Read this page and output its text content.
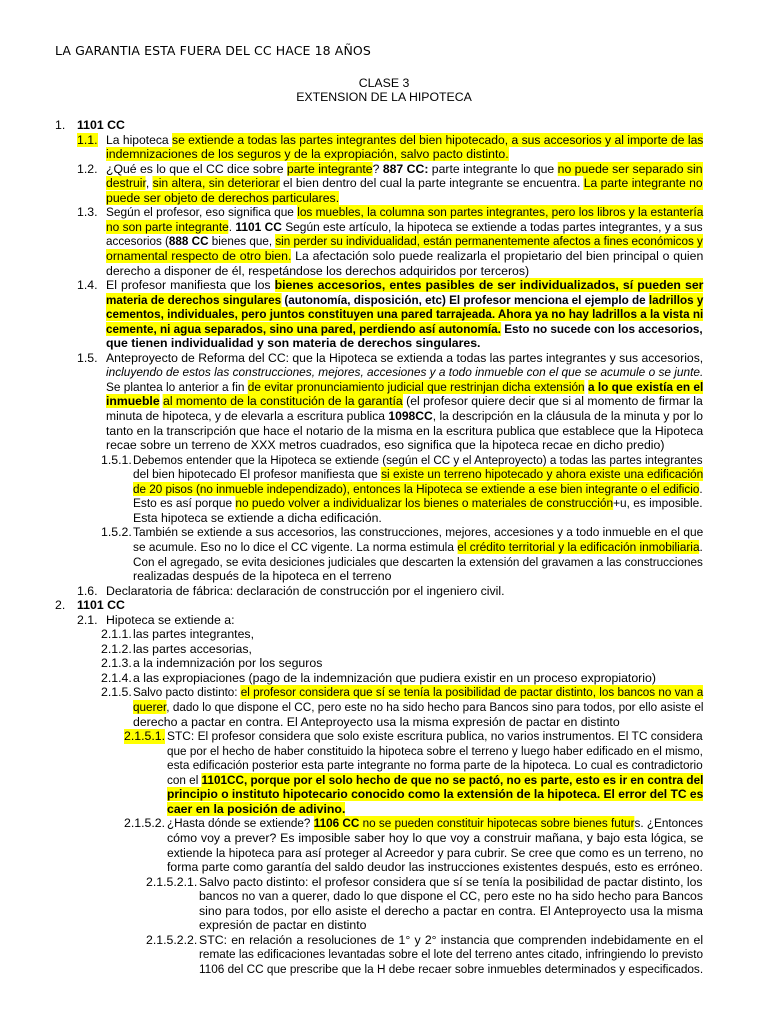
LA GARANTIA ESTA FUERA DEL CC HACE 18 AÑOS
CLASE 3
EXTENSION DE LA HIPOTECA
1. 1101 CC
1.1. La hipoteca se extiende a todas las partes integrantes del bien hipotecado, a sus accesorios y al importe de las
indemnizaciones de los seguros y de la expropiación, salvo pacto distinto.
1.2. ¿Qué es lo que el CC dice sobre parte integrante? 887 CC: parte integrante lo que no puede ser separado sin
destruir, sin altera, sin deteriorar el bien dentro del cual la parte integrante se encuentra. La parte integrante no
puede ser objeto de derechos particulares.
1.3. Según el profesor, eso significa que los muebles, la columna son partes integrantes, pero los libros y la estantería
no son parte integrante. 1101 CC Según este artículo, la hipoteca se extiende a todas partes integrantes, y a sus
accesorios (888 CC bienes que, sin perder su individualidad, están permanentemente afectos a fines económicos y
ornamental respecto de otro bien. La afectación solo puede realizarla el propietario del bien principal o quien
derecho a disponer de él, respetándose los derechos adquiridos por terceros)
1.4. El profesor manifiesta que los bienes accesorios, entes pasibles de ser individualizados, sí pueden ser
materia de derechos singulares (autonomía, disposición, etc) El profesor menciona el ejemplo de ladrillos y
cementos, individuales, pero juntos constituyen una pared tarrajeada. Ahora ya no hay ladrillos a la vista ni
cemente, ni agua separados, sino una pared, perdiendo así autonomía. Esto no sucede con los accesorios,
que tienen individualidad y son materia de derechos singulares.
1.5. Anteproyecto de Reforma del CC: que la Hipoteca se extienda a todas las partes integrantes y sus accesorios,
incluyendo de estos las construcciones, mejores, accesiones y a todo inmueble con el que se acumule o se junte.
Se plantea lo anterior a fin de evitar pronunciamiento judicial que restrinjan dicha extensión a lo que existía en el
inmueble al momento de la constitución de la garantía (el profesor quiere decir que si al momento de firmar la
minuta de hipoteca, y de elevarla a escritura publica 1098CC, la descripción en la cláusula de la minuta y por lo
tanto en la transcripción que hace el notario de la misma en la escritura publica que establece que la Hipoteca
recae sobre un terreno de XXX metros cuadrados, eso significa que la hipoteca recae en dicho predio)
1.5.1. Debemos entender que la Hipoteca se extiende (según el CC y el Anteproyecto) a todas las partes integrantes
del bien hipotecado El profesor manifiesta que si existe un terreno hipotecado y ahora existe una edificación
de 20 pisos (no inmueble independizado), entonces la Hipoteca se extiende a ese bien integrante o el edificio.
Esto es así porque no puedo volver a individualizar los bienes o materiales de construcción+u, es imposible.
Esta hipoteca se extiende a dicha edificación.
1.5.2. También se extiende a sus accesorios, las construcciones, mejores, accesiones y a todo inmueble en el que
se acumule. Eso no lo dice el CC vigente. La norma estimula el crédito territorial y la edificación inmobiliaria.
Con el agregado, se evita desiciones judiciales que descarten la extensión del gravamen a las construcciones
realizadas después de la hipoteca en el terreno
1.6. Declaratoria de fábrica: declaración de construcción por el ingeniero civil.
2. 1101 CC
2.1. Hipoteca se extiende a:
2.1.1. las partes integrantes,
2.1.2. las partes accesorias,
2.1.3. a la indemnización por los seguros
2.1.4. a las expropiaciones (pago de la indemnización que pudiera existir en un proceso expropiatorio)
2.1.5. Salvo pacto distinto: el profesor considera que sí se tenía la posibilidad de pactar distinto, los bancos no van a
querer, dado lo que dispone el CC, pero este no ha sido hecho para Bancos sino para todos, por ello asiste el
derecho a pactar en contra. El Anteproyecto usa la misma expresión de pactar en distinto
2.1.5.1. STC: El profesor considera que solo existe escritura publica, no varios instrumentos. El TC considera
que por el hecho de haber constituido la hipoteca sobre el terreno y luego haber edificado en el mismo,
esta edificación posterior esta parte integrante no forma parte de la hipoteca. Lo cual es contradictorio
con el 1101CC, porque por el solo hecho de que no se pactó, no es parte, esto es ir en contra del
principio o instituto hipotecario conocido como la extensión de la hipoteca. El error del TC es
caer en la posición de adivino.
2.1.5.2. ¿Hasta dónde se extiende? 1106 CC no se pueden constituir hipotecas sobre bienes futurs. ¿Entonces
cómo voy a prever? Es imposible saber hoy lo que voy a construir mañana, y bajo esta lógica, se
extiende la hipoteca para así proteger al Acreedor y para cubrir. Se cree que como es un terreno, no
forma parte como garantía del saldo deudor las instrucciones existentes después, esto es erróneo.
2.1.5.2.1. Salvo pacto distinto: el profesor considera que sí se tenía la posibilidad de pactar distinto, los
bancos no van a querer, dado lo que dispone el CC, pero este no ha sido hecho para Bancos
sino para todos, por ello asiste el derecho a pactar en contra. El Anteproyecto usa la misma
expresión de pactar en distinto
2.1.5.2.2. STC: en relación a resoluciones de 1° y 2° instancia que comprenden indebidamente en el
remate las edificaciones levantadas sobre el lote del terreno antes citado, infringiendo lo previsto
1106 del CC que prescribe que la H debe recaer sobre inmuebles determinados y especificados.
